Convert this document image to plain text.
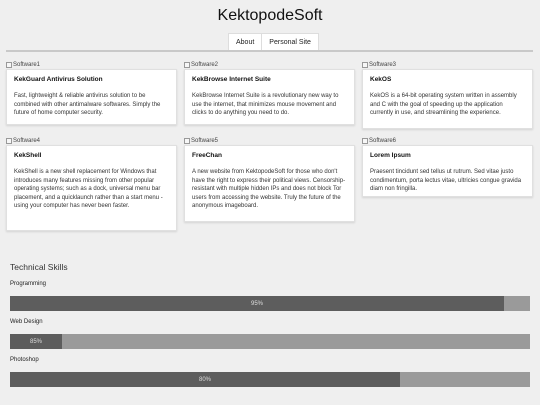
KektopodeSoft
About	Personal Site
Software1
KekGuard Antivirus Solution
Fast, lightweight & reliable antivirus solution to be combined with other antimalware softwares. Simply the future of home computer security.
Software2
KekBrowse Internet Suite
KekBrowse Internet Suite is a revolutionary new way to use the internet, that minimizes mouse movement and clicks to do anything you need to do.
Software3
KekOS
KekOS is a 64-bit operating system written in assembly and C with the goal of speeding up the application currently in use, and streamlining the experience.
Software4
KekShell
KekShell is a new shell replacement for Windows that introduces many features missing from other popular operating systems; such as a dock, universal menu bar placement, and a quicklaunch rather than a start menu - using your computer has never been faster.
Software5
FreeChan
A new website from KektopodeSoft for those who don't have the right to express their political views. Censorship-resistant with multiple hidden IPs and does not block Tor users from accessing the website. Truly the future of the anonymous imageboard.
Software6
Lorem Ipsum
Praesent tincidunt sed tellus ut rutrum. Sed vitae justo condimentum, porta lectus vitae, ultricies congue gravida diam non fringilla.
Technical Skills
Programming
95%
Web Design
85%
Photoshop
80%
